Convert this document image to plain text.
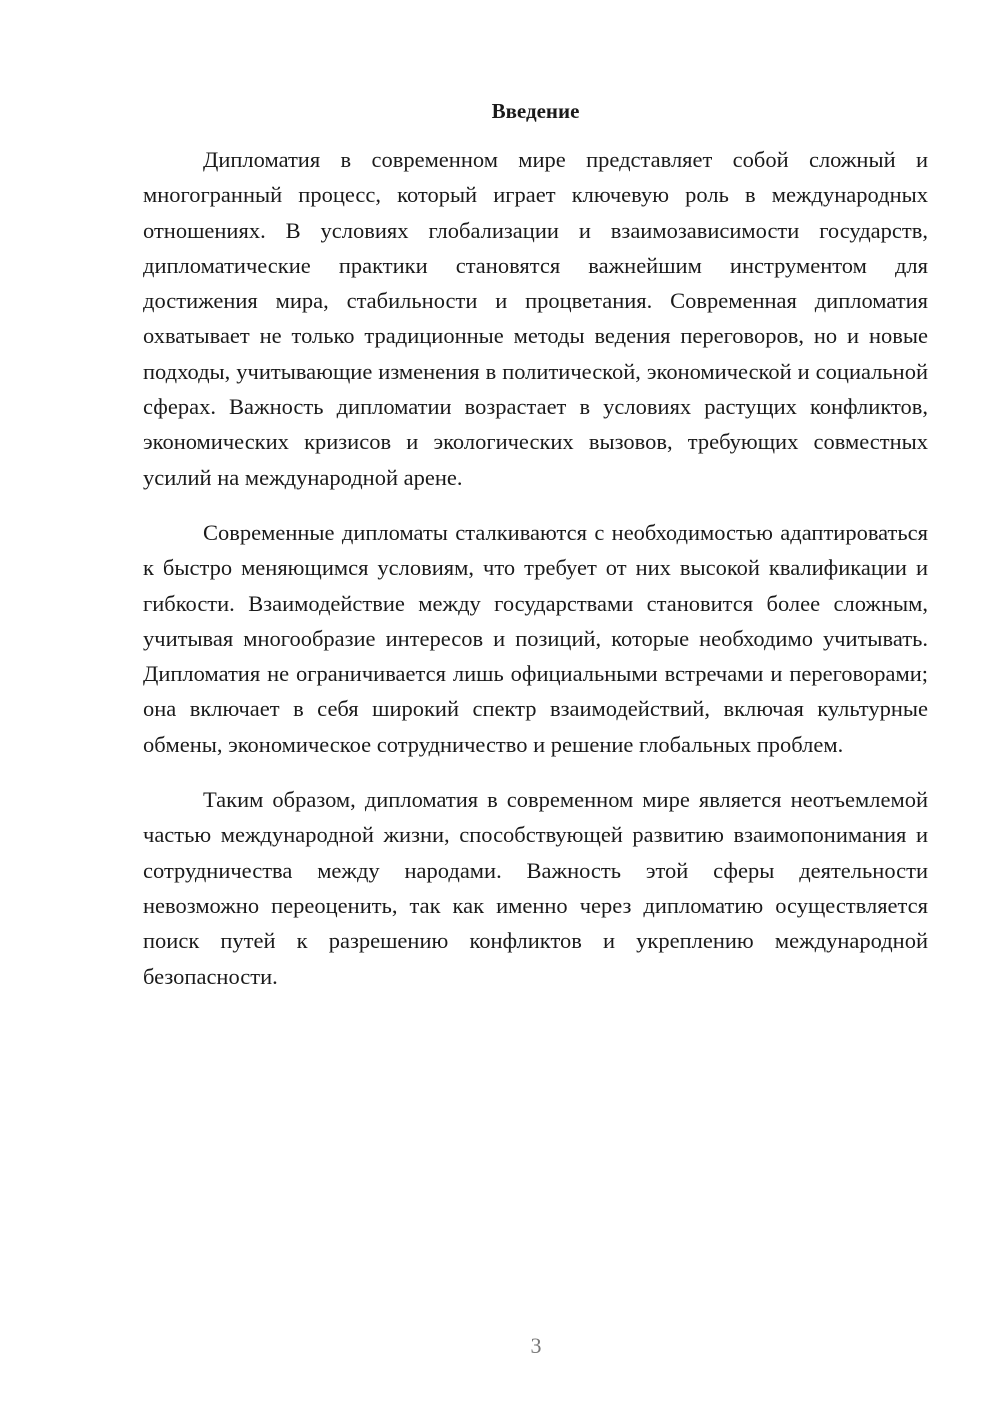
Введение

Дипломатия в современном мире представляет собой сложный и многогранный процесс, который играет ключевую роль в международных отношениях. В условиях глобализации и взаимозависимости государств, дипломатические практики становятся важнейшим инструментом для достижения мира, стабильности и процветания. Современная дипломатия охватывает не только традиционные методы ведения переговоров, но и новые подходы, учитывающие изменения в политической, экономической и социальной сферах. Важность дипломатии возрастает в условиях растущих конфликтов, экономических кризисов и экологических вызовов, требующих совместных усилий на международной арене.

Современные дипломаты сталкиваются с необходимостью адаптироваться к быстро меняющимся условиям, что требует от них высокой квалификации и гибкости. Взаимодействие между государствами становится более сложным, учитывая многообразие интересов и позиций, которые необходимо учитывать. Дипломатия не ограничивается лишь официальными встречами и переговорами; она включает в себя широкий спектр взаимодействий, включая культурные обмены, экономическое сотрудничество и решение глобальных проблем.

Таким образом, дипломатия в современном мире является неотъемлемой частью международной жизни, способствующей развитию взаимопонимания и сотрудничества между народами. Важность этой сферы деятельности невозможно переоценить, так как именно через дипломатию осуществляется поиск путей к разрешению конфликтов и укреплению международной безопасности.

3
